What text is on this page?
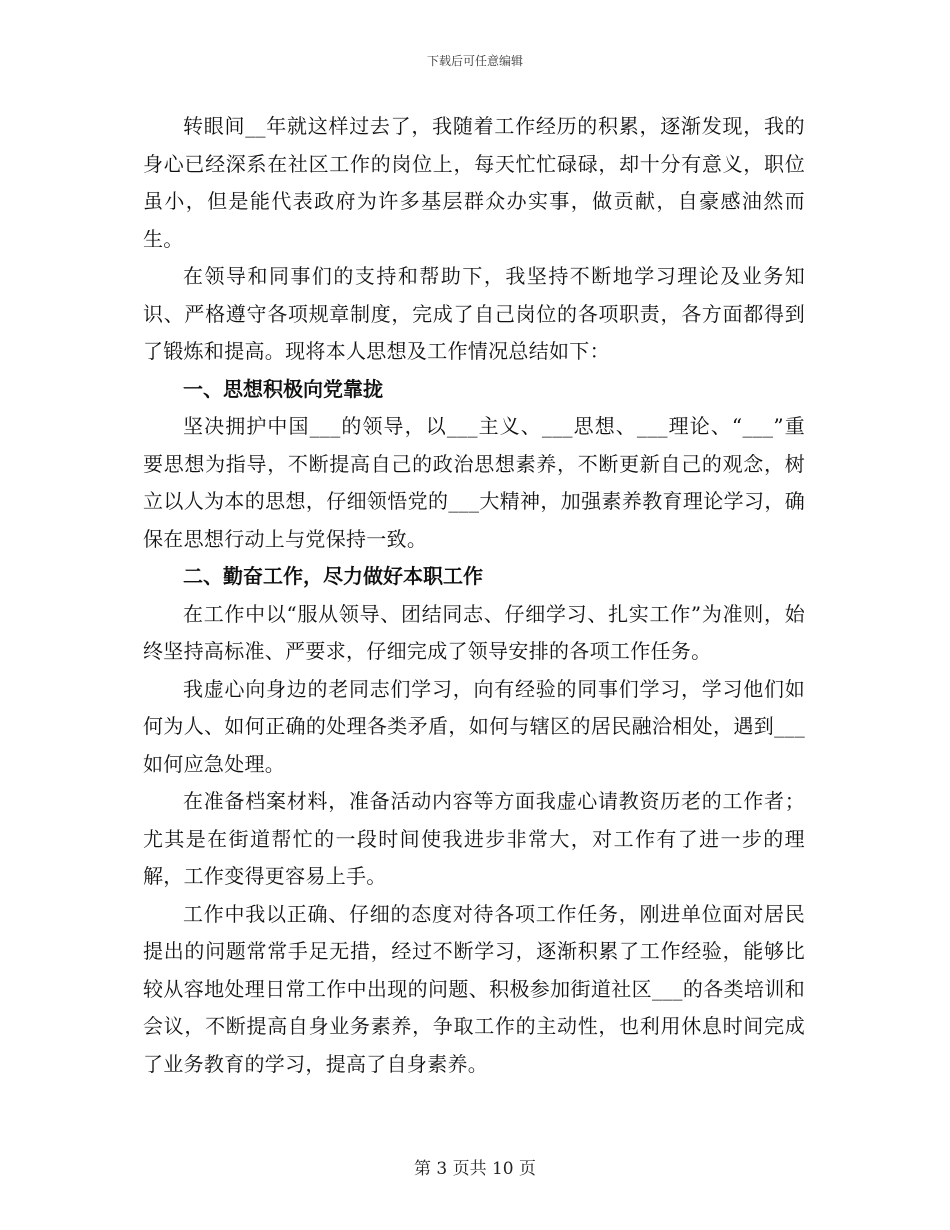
下载后可任意编辑

转眼间__年就这样过去了，我随着工作经历的积累，逐渐发现，我的身心已经深系在社区工作的岗位上，每天忙忙碌碌，却十分有意义，职位虽小，但是能代表政府为许多基层群众办实事，做贡献，自豪感油然而生。

在领导和同事们的支持和帮助下，我坚持不断地学习理论及业务知识、严格遵守各项规章制度，完成了自己岗位的各项职责，各方面都得到了锻炼和提高。现将本人思想及工作情况总结如下：

一、思想积极向党靠拢

坚决拥护中国___的领导，以___主义、___思想、___理论、“___”重要思想为指导，不断提高自己的政治思想素养，不断更新自己的观念，树立以人为本的思想，仔细领悟党的___大精神，加强素养教育理论学习，确保在思想行动上与党保持一致。

二、勤奋工作，尽力做好本职工作

在工作中以“服从领导、团结同志、仔细学习、扎实工作”为准则，始终坚持高标准、严要求，仔细完成了领导安排的各项工作任务。

我虚心向身边的老同志们学习，向有经验的同事们学习，学习他们如何为人、如何正确的处理各类矛盾，如何与辖区的居民融洽相处，遇到___如何应急处理。

在准备档案材料，准备活动内容等方面我虚心请教资历老的工作者；尤其是在街道帮忙的一段时间使我进步非常大，对工作有了进一步的理解，工作变得更容易上手。

工作中我以正确、仔细的态度对待各项工作任务，刚进单位面对居民提出的问题常常手足无措，经过不断学习，逐渐积累了工作经验，能够比较从容地处理日常工作中出现的问题、积极参加街道社区___的各类培训和会议，不断提高自身业务素养，争取工作的主动性，也利用休息时间完成了业务教育的学习，提高了自身素养。

第 3 页共 10 页
